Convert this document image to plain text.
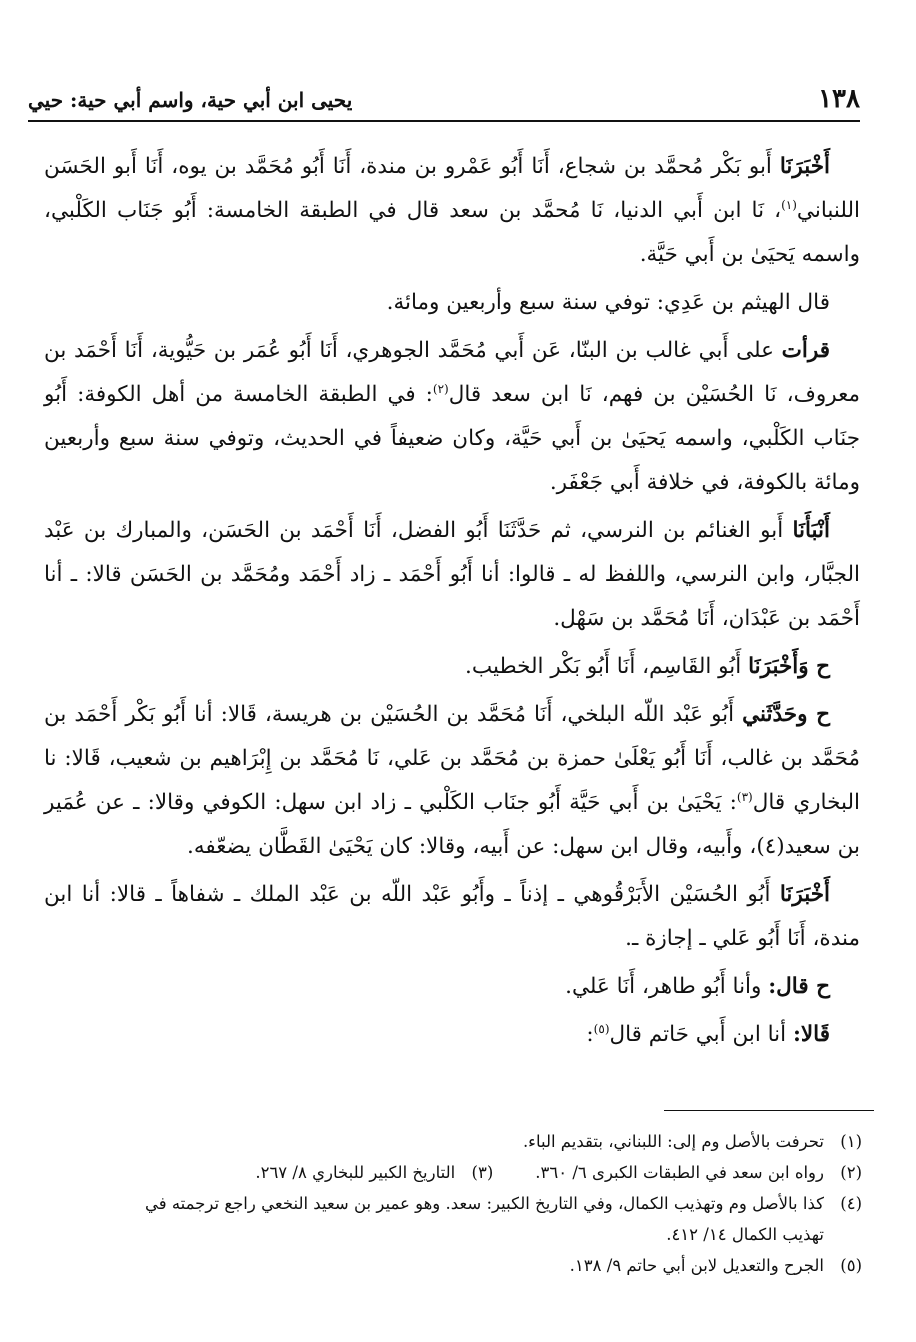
١٣٨
يحيى ابن أبي حية، واسم أبي حية: حيي

أَخْبَرَنَا أَبو بَكْر مُحمَّد بن شجاع، أَنَا أَبُو عَمْرو بن مندة، أَنَا أَبُو مُحَمَّد بن يوه، أَنَا أَبو الحَسَن اللنباني$^{(١)}$، نَا ابن أَبي الدنيا، نَا مُحمَّد بن سعد قال في الطبقة الخامسة: أَبُو جَنَاب الكَلْبي، واسمه يَحيَىٰ بن أَبي حَيَّة.

قال الهيثم بن عَدِي: توفي سنة سبع وأربعين ومائة.

قرأت على أَبي غالب بن البنّا، عَن أَبي مُحَمَّد الجوهري، أَنَا أَبُو عُمَر بن حَيُّوية، أَنَا أَحْمَد بن معروف، نَا الحُسَيْن بن فهم، نَا ابن سعد قال$^{(٢)}$: في الطبقة الخامسة من أهل الكوفة: أَبُو جنَاب الكَلْبي، واسمه يَحيَىٰ بن أَبي حَيَّة، وكان ضعيفاً في الحديث، وتوفي سنة سبع وأربعين ومائة بالكوفة، في خلافة أَبي جَعْفَر.

أَنْبَأَنَا أَبو الغنائم بن النرسي، ثم حَدَّثَنَا أَبُو الفضل، أَنَا أَحْمَد بن الحَسَن، والمبارك بن عَبْد الجبَّار، وابن النرسي، واللفظ له ـ قالوا: أنا أَبُو أَحْمَد ـ زاد أَحْمَد ومُحَمَّد بن الحَسَن قالا: ـ أنا أَحْمَد بن عَبْدَان، أَنَا مُحَمَّد بن سَهْل.

ح وَأَخْبَرَنَا أَبُو القَاسِم، أَنَا أَبُو بَكْر الخطيب.

ح وحَدَّثَني أَبُو عَبْد اللّه البلخي، أَنَا مُحَمَّد بن الحُسَيْن بن هريسة، قَالا: أنا أَبُو بَكْر أَحْمَد بن مُحَمَّد بن غالب، أَنَا أَبُو يَعْلَىٰ حمزة بن مُحَمَّد بن عَلي، نَا مُحَمَّد بن إِبْرَاهيم بن شعيب، قَالا: نا البخاري قال$^{(٣)}$: يَحْيَىٰ بن أَبي حَيَّة أَبُو جنَاب الكَلْبي ـ زاد ابن سهل: الكوفي وقالا: ـ عن عُمَير بن سعيد(٤)، وأَبيه، وقال ابن سهل: عن أَبيه، وقالا: كان يَحْيَىٰ القَطَّان يضعّفه.

أَخْبَرَنَا أَبُو الحُسَيْن الأَبَرْقُوهي ـ إذناً ـ وأَبُو عَبْد اللّه بن عَبْد الملك ـ شفاهاً ـ قالا: أنا ابن مندة، أَنَا أَبُو عَلي ـ إجازة ـ.

ح قال: وأنا أَبُو طاهر، أَنَا عَلي.

قَالا: أنا ابن أَبي حَاتم قال$^{(٥)}$:

(١)تحرفت بالأصل وم إلى: اللبناني، بتقديم الباء.

(٢)رواه ابن سعد في الطبقات الكبرى ٦/ ٣٦٠.(٣)التاريخ الكبير للبخاري ٨/ ٢٦٧.

(٤)كذا بالأصل وم وتهذيب الكمال، وفي التاريخ الكبير: سعد. وهو عمير بن سعيد النخعي راجع ترجمته في

تهذيب الكمال ١٤/ ٤١٢.

(٥)الجرح والتعديل لابن أبي حاتم ٩/ ١٣٨.
